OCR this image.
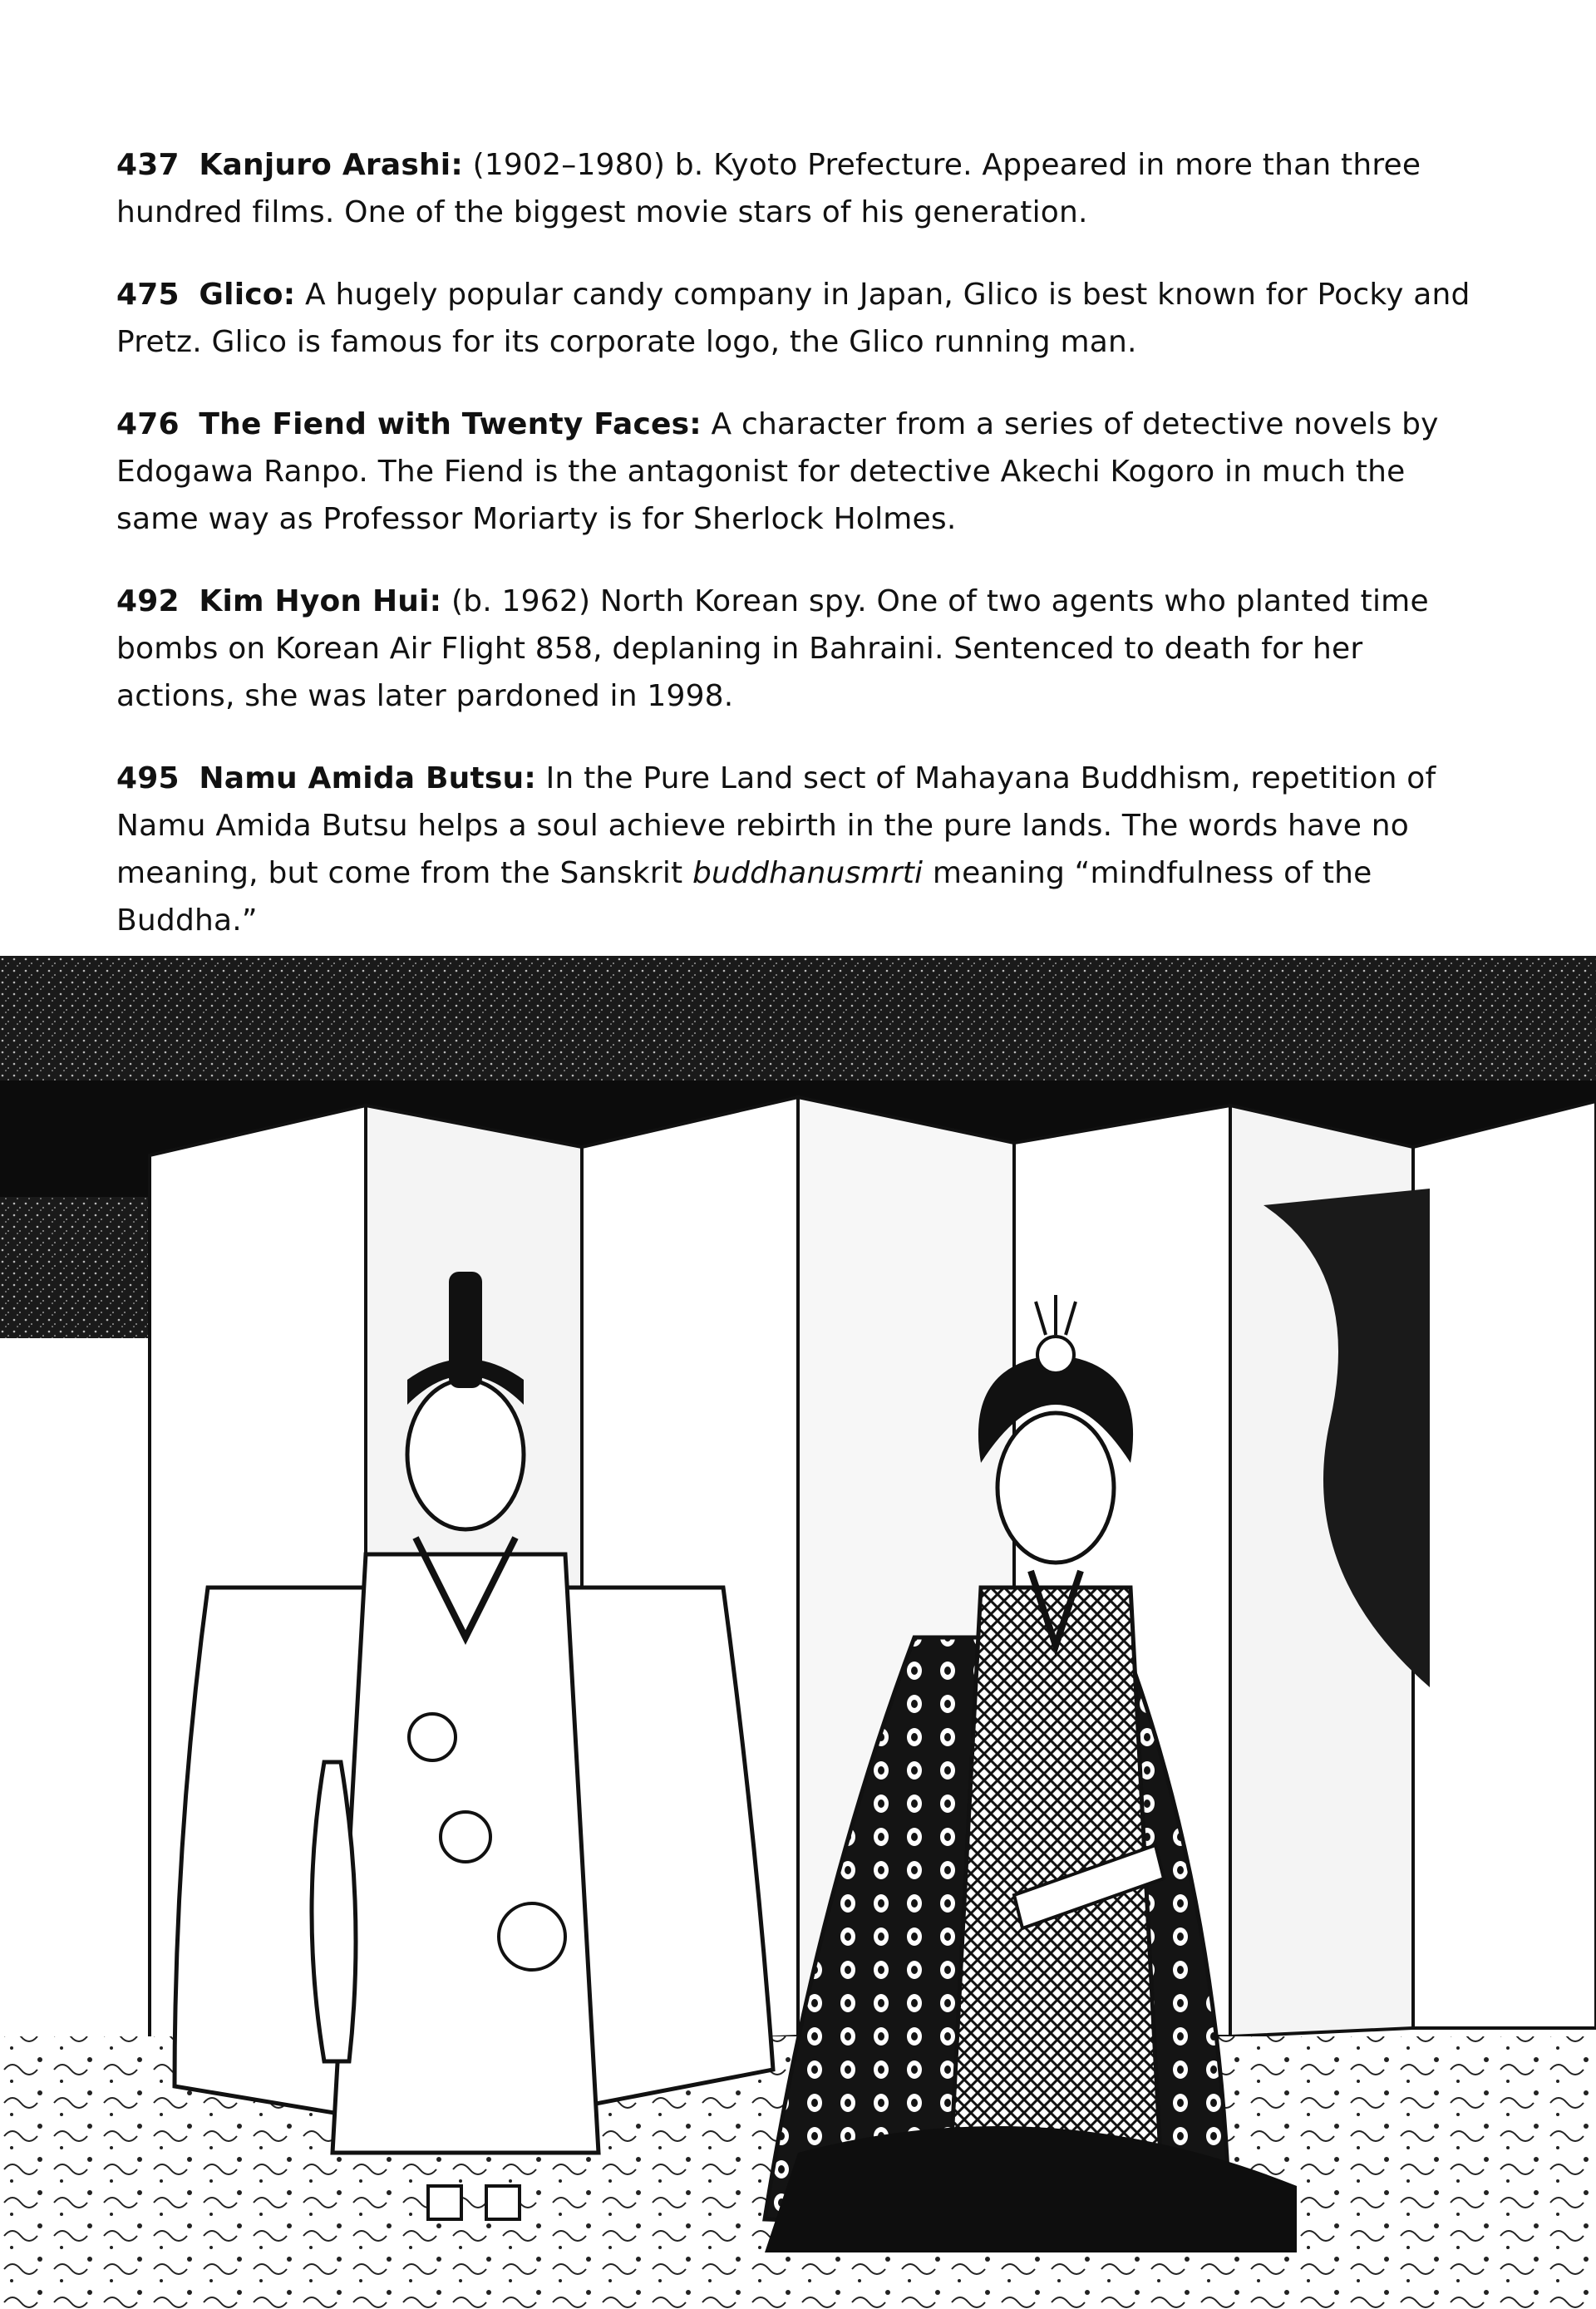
437 Kanjuro Arashi: (1902–1980) b. Kyoto Prefecture. Appeared in more than three hundred films. One of the biggest movie stars of his generation.

475 Glico: A hugely popular candy company in Japan, Glico is best known for Pocky and Pretz. Glico is famous for its corporate logo, the Glico running man.

476 The Fiend with Twenty Faces: A character from a series of detective novels by Edogawa Ranpo. The Fiend is the antagonist for detective Akechi Kogoro in much the same way as Professor Moriarty is for Sherlock Holmes.

492 Kim Hyon Hui: (b. 1962) North Korean spy. One of two agents who planted time bombs on Korean Air Flight 858, deplaning in Bahraini. Sentenced to death for her actions, she was later pardoned in 1998.

495 Namu Amida Butsu: In the Pure Land sect of Mahayana Buddhism, repetition of Namu Amida Butsu helps a soul achieve rebirth in the pure lands. The words have no meaning, but come from the Sanskrit buddhanusmrti meaning “mindfulness of the Buddha.”
